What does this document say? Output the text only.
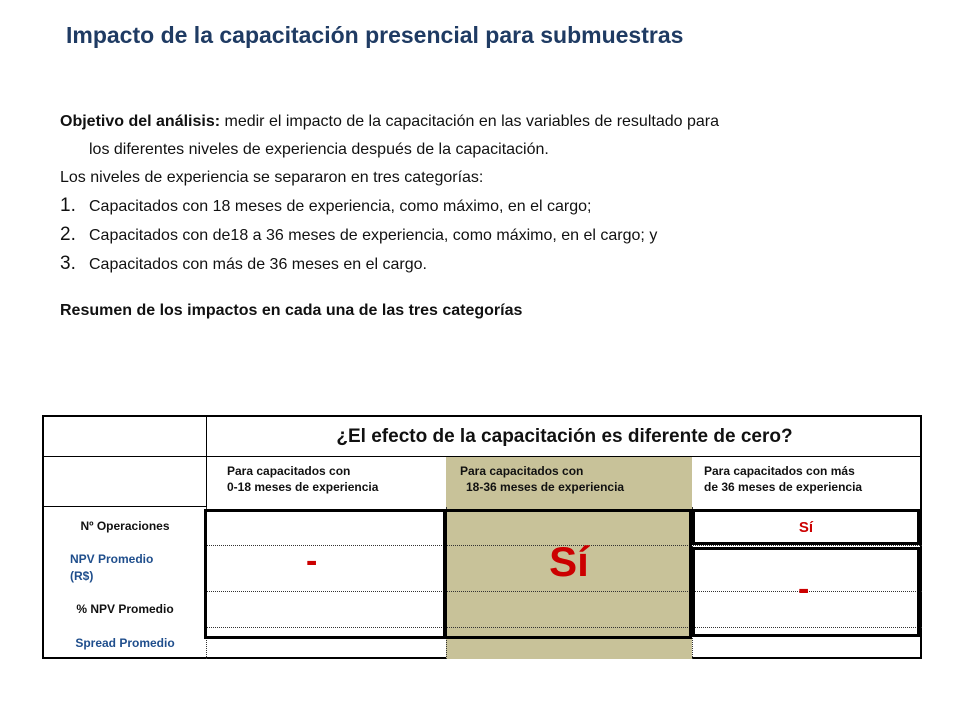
Impacto de la capacitación presencial para submuestras
Objetivo del análisis: medir el impacto de la capacitación en las variables de resultado para
los diferentes niveles de experiencia después de la capacitación.
Los niveles de experiencia se separaron en tres categorías:
1. Capacitados con 18 meses de experiencia, como máximo, en el cargo;
2. Capacitados con de18 a 36 meses de experiencia, como máximo, en el cargo; y
3. Capacitados con más de 36 meses en el cargo.
Resumen de los impactos en cada una de las tres categorías
¿El efecto de la capacitación es diferente de cero?
Para capacitados con
0-18 meses de experiencia
Para capacitados con
18-36 meses de experiencia
Para capacitados con más
de 36 meses de experiencia
Nº Operaciones
NPV Promedio
(R$)
% NPV Promedio
Spread Promedio
-	Sí
Sí
-
